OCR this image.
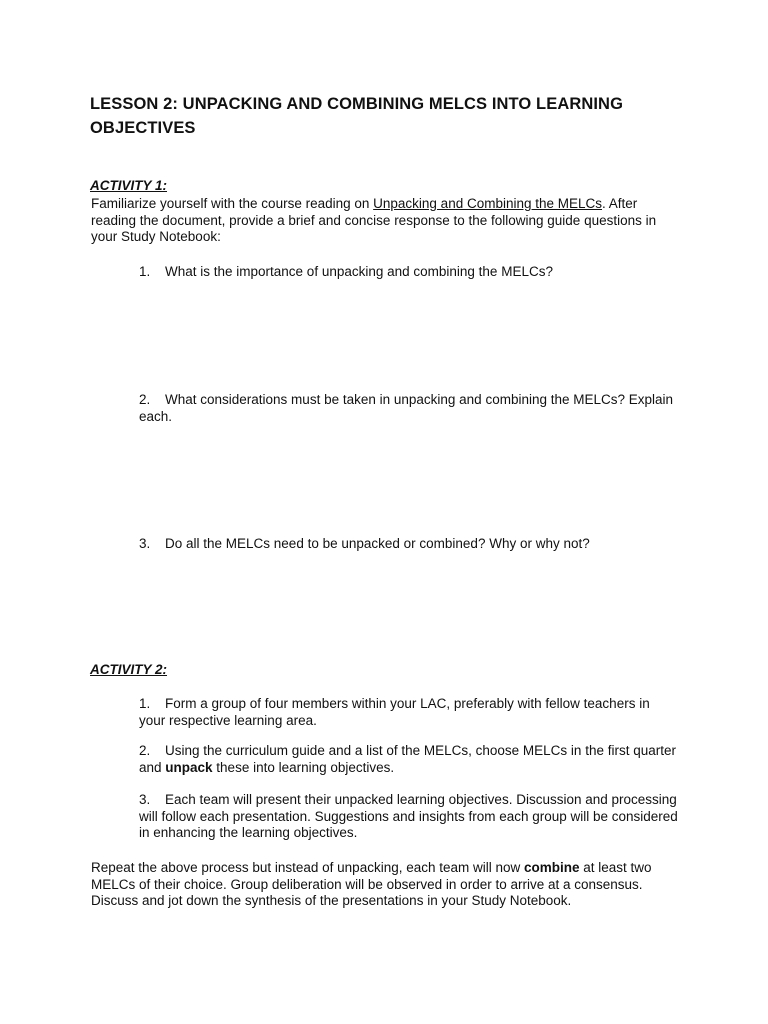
LESSON 2: UNPACKING AND COMBINING MELCS INTO LEARNING OBJECTIVES
ACTIVITY 1:
Familiarize yourself with the course reading on Unpacking and Combining the MELCs. After reading the document, provide a brief and concise response to the following guide questions in your Study Notebook:
1. What is the importance of unpacking and combining the MELCs?
2. What considerations must be taken in unpacking and combining the MELCs? Explain each.
3. Do all the MELCs need to be unpacked or combined? Why or why not?
ACTIVITY 2:
1. Form a group of four members within your LAC, preferably with fellow teachers in your respective learning area.
2. Using the curriculum guide and a list of the MELCs, choose MELCs in the first quarter and unpack these into learning objectives.
3. Each team will present their unpacked learning objectives. Discussion and processing will follow each presentation. Suggestions and insights from each group will be considered in enhancing the learning objectives.
Repeat the above process but instead of unpacking, each team will now combine at least two MELCs of their choice. Group deliberation will be observed in order to arrive at a consensus. Discuss and jot down the synthesis of the presentations in your Study Notebook.
